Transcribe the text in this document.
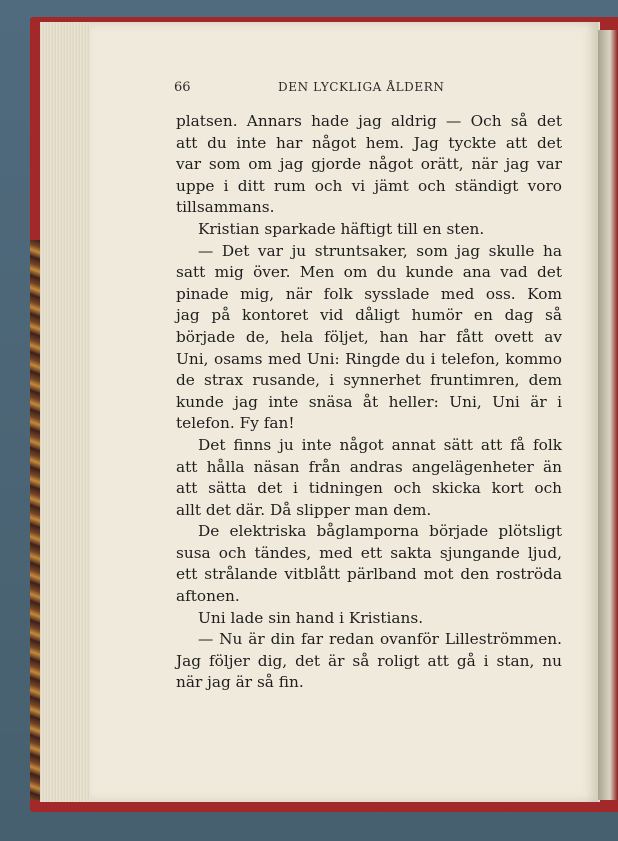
66	DEN LYCKLIGA ÅLDERN
platsen. Annars hade jag aldrig — Och så det
att du inte har något hem. Jag tyckte att det
var som om jag gjorde något orätt, när jag var
uppe i ditt rum och vi jämt och ständigt voro
tillsammans.
Kristian sparkade häftigt till en sten.
— Det var ju struntsaker, som jag skulle ha
satt mig över. Men om du kunde ana vad det
pinade mig, när folk sysslade med oss. Kom
jag på kontoret vid dåligt humör en dag så
började de, hela följet, han har fått ovett av
Uni, osams med Uni: Ringde du i telefon, kommo
de strax rusande, i synnerhet fruntimren, dem
kunde jag inte snäsa åt heller: Uni, Uni är i
telefon. Fy fan!
Det finns ju inte något annat sätt att få folk
att hålla näsan från andras angelägenheter än
att sätta det i tidningen och skicka kort och
allt det där. Då slipper man dem.
De elektriska båglamporna började plötsligt
susa och tändes, med ett sakta sjungande ljud,
ett strålande vitblått pärlband mot den roströda
aftonen.
Uni lade sin hand i Kristians.
— Nu är din far redan ovanför Lilleströmmen.
Jag följer dig, det är så roligt att gå i stan, nu
när jag är så fin.
